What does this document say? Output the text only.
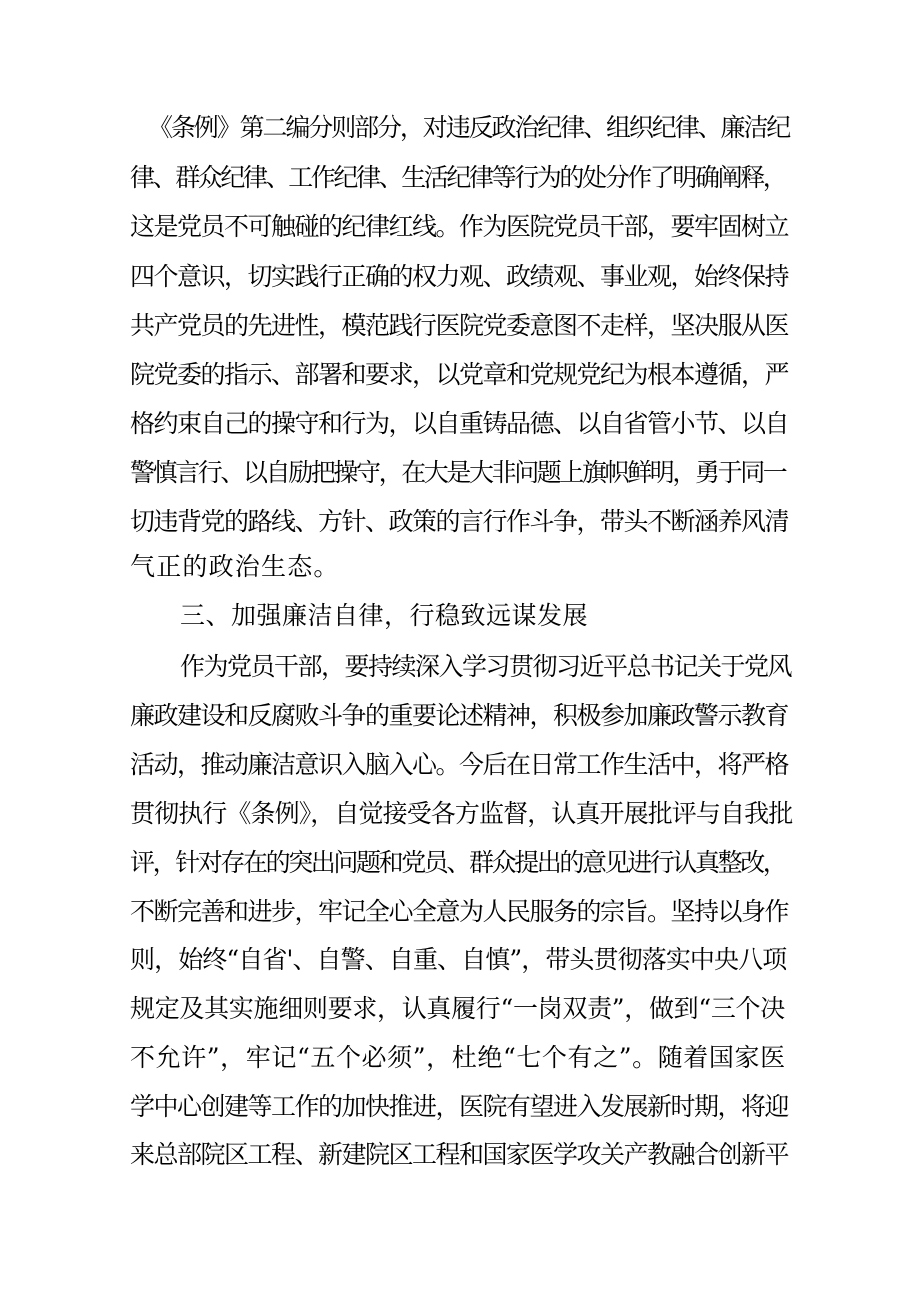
《条例》第二编分则部分，对违反政治纪律、组织纪律、廉洁纪
律、群众纪律、工作纪律、生活纪律等行为的处分作了明确阐释，
这是党员不可触碰的纪律红线。作为医院党员干部，要牢固树立
四个意识，切实践行正确的权力观、政绩观、事业观，始终保持
共产党员的先进性，模范践行医院党委意图不走样，坚决服从医
院党委的指示、部署和要求，以党章和党规党纪为根本遵循，严
格约束自己的操守和行为，以自重铸品德、以自省管小节、以自
警慎言行、以自励把操守，在大是大非问题上旗帜鲜明，勇于同一
切违背党的路线、方针、政策的言行作斗争，带头不断涵养风清
气正的政治生态。
三、加强廉洁自律，行稳致远谋发展
作为党员干部，要持续深入学习贯彻习近平总书记关于党风
廉政建设和反腐败斗争的重要论述精神，积极参加廉政警示教育
活动，推动廉洁意识入脑入心。今后在日常工作生活中，将严格
贯彻执行《条例》，自觉接受各方监督，认真开展批评与自我批
评，针对存在的突出问题和党员、群众提出的意见进行认真整改，
不断完善和进步，牢记全心全意为人民服务的宗旨。坚持以身作
则，始终“自省'、自警、自重、自慎”，带头贯彻落实中央八项
规定及其实施细则要求，认真履行“一岗双责”，做到“三个决
不允许”，牢记“五个必须”，杜绝“七个有之”。随着国家医
学中心创建等工作的加快推进，医院有望进入发展新时期，将迎
来总部院区工程、新建院区工程和国家医学攻关产教融合创新平
